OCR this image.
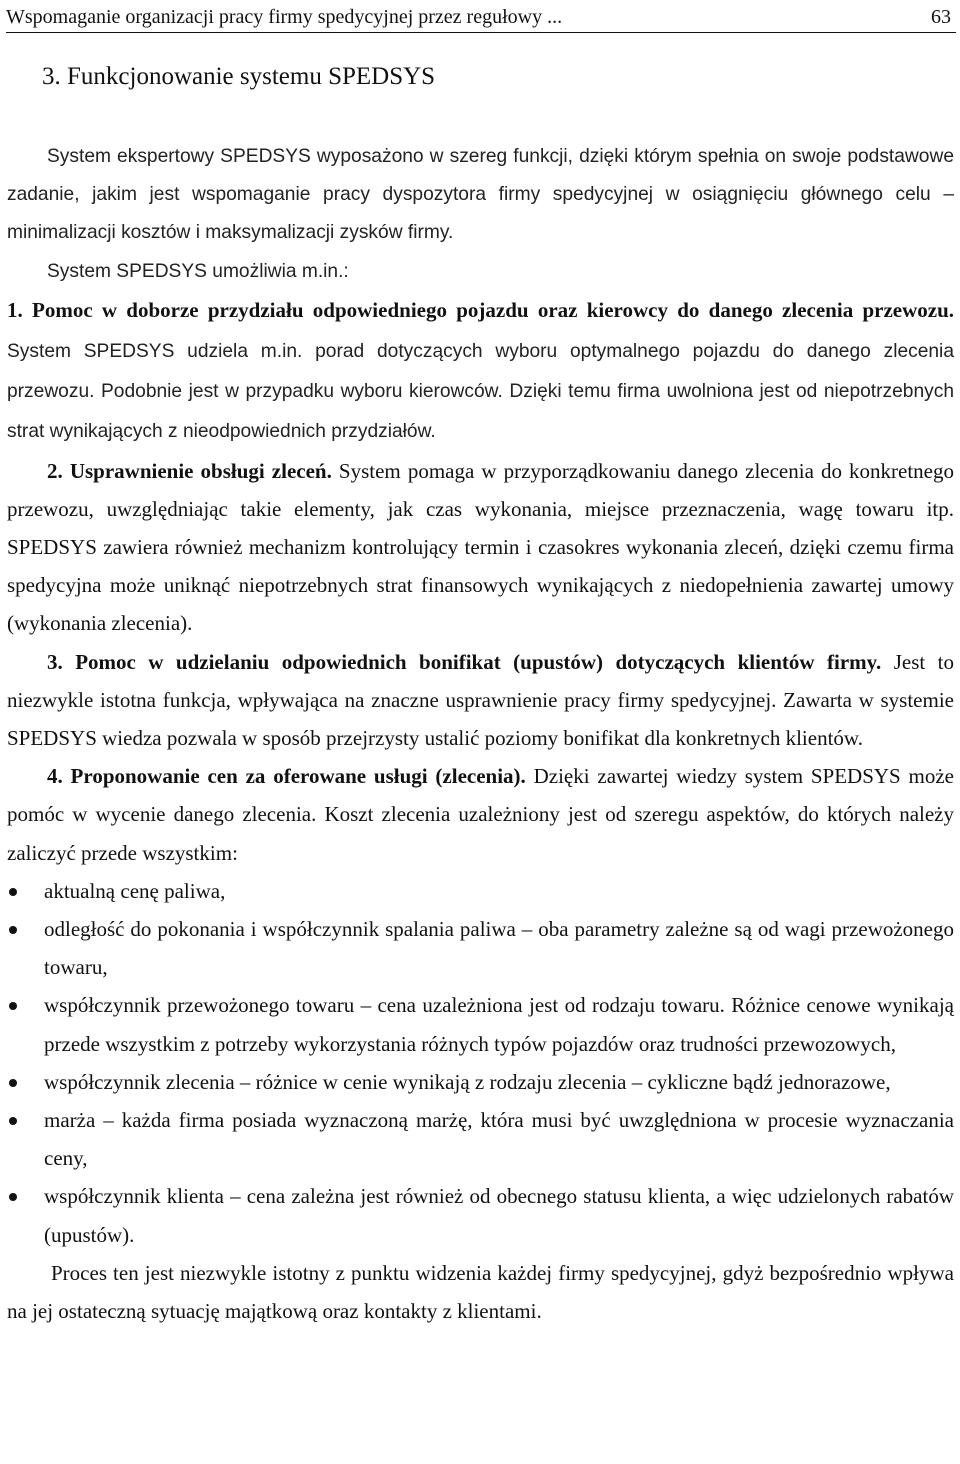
Wspomaganie organizacji pracy firmy spedycyjnej przez regułowy ...	63
3. Funkcjonowanie systemu SPEDSYS

System ekspertowy SPEDSYS wyposażono w szereg funkcji, dzięki którym spełnia on swoje podstawowe zadanie, jakim jest wspomaganie pracy dyspozytora firmy spedycyjnej w osiągnięciu głównego celu – minimalizacji kosztów i maksymalizacji zysków firmy.

System SPEDSYS umożliwia m.in.:

1. Pomoc w doborze przydziału odpowiedniego pojazdu oraz kierowcy do danego zlecenia przewozu. System SPEDSYS udziela m.in. porad dotyczących wyboru optymalnego pojazdu do danego zlecenia przewozu. Podobnie jest w przypadku wyboru kierowców. Dzięki temu firma uwolniona jest od niepotrzebnych strat wynikających z nieodpowiednich przydziałów.

2. Usprawnienie obsługi zleceń. System pomaga w przyporządkowaniu danego zlecenia do konkretnego przewozu, uwzględniając takie elementy, jak czas wykonania, miejsce przeznaczenia, wagę towaru itp. SPEDSYS zawiera również mechanizm kontrolujący termin i czasokres wykonania zleceń, dzięki czemu firma spedycyjna może uniknąć niepotrzebnych strat finansowych wynikających z niedopełnienia zawartej umowy (wykonania zlecenia).

3. Pomoc w udzielaniu odpowiednich bonifikat (upustów) dotyczących klientów firmy. Jest to niezwykle istotna funkcja, wpływająca na znaczne usprawnienie pracy firmy spedycyjnej. Zawarta w systemie SPEDSYS wiedza pozwala w sposób przejrzysty ustalić poziomy bonifikat dla konkretnych klientów.

4. Proponowanie cen za oferowane usługi (zlecenia). Dzięki zawartej wiedzy system SPEDSYS może pomóc w wycenie danego zlecenia. Koszt zlecenia uzależniony jest od szeregu aspektów, do których należy zaliczyć przede wszystkim:

aktualną cenę paliwa,
odległość do pokonania i współczynnik spalania paliwa – oba parametry zależne są od wagi przewożonego towaru,
współczynnik przewożonego towaru – cena uzależniona jest od rodzaju towaru. Różnice cenowe wynikają przede wszystkim z potrzeby wykorzystania różnych typów pojazdów oraz trudności przewozowych,
współczynnik zlecenia – różnice w cenie wynikają z rodzaju zlecenia – cykliczne bądź jednorazowe,
marża – każda firma posiada wyznaczoną marżę, która musi być uwzględniona w procesie wyznaczania ceny,
współczynnik klienta – cena zależna jest również od obecnego statusu klienta, a więc udzielonych rabatów (upustów).

Proces ten jest niezwykle istotny z punktu widzenia każdej firmy spedycyjnej, gdyż bezpośrednio wpływa na jej ostateczną sytuację majątkową oraz kontakty z klientami.
